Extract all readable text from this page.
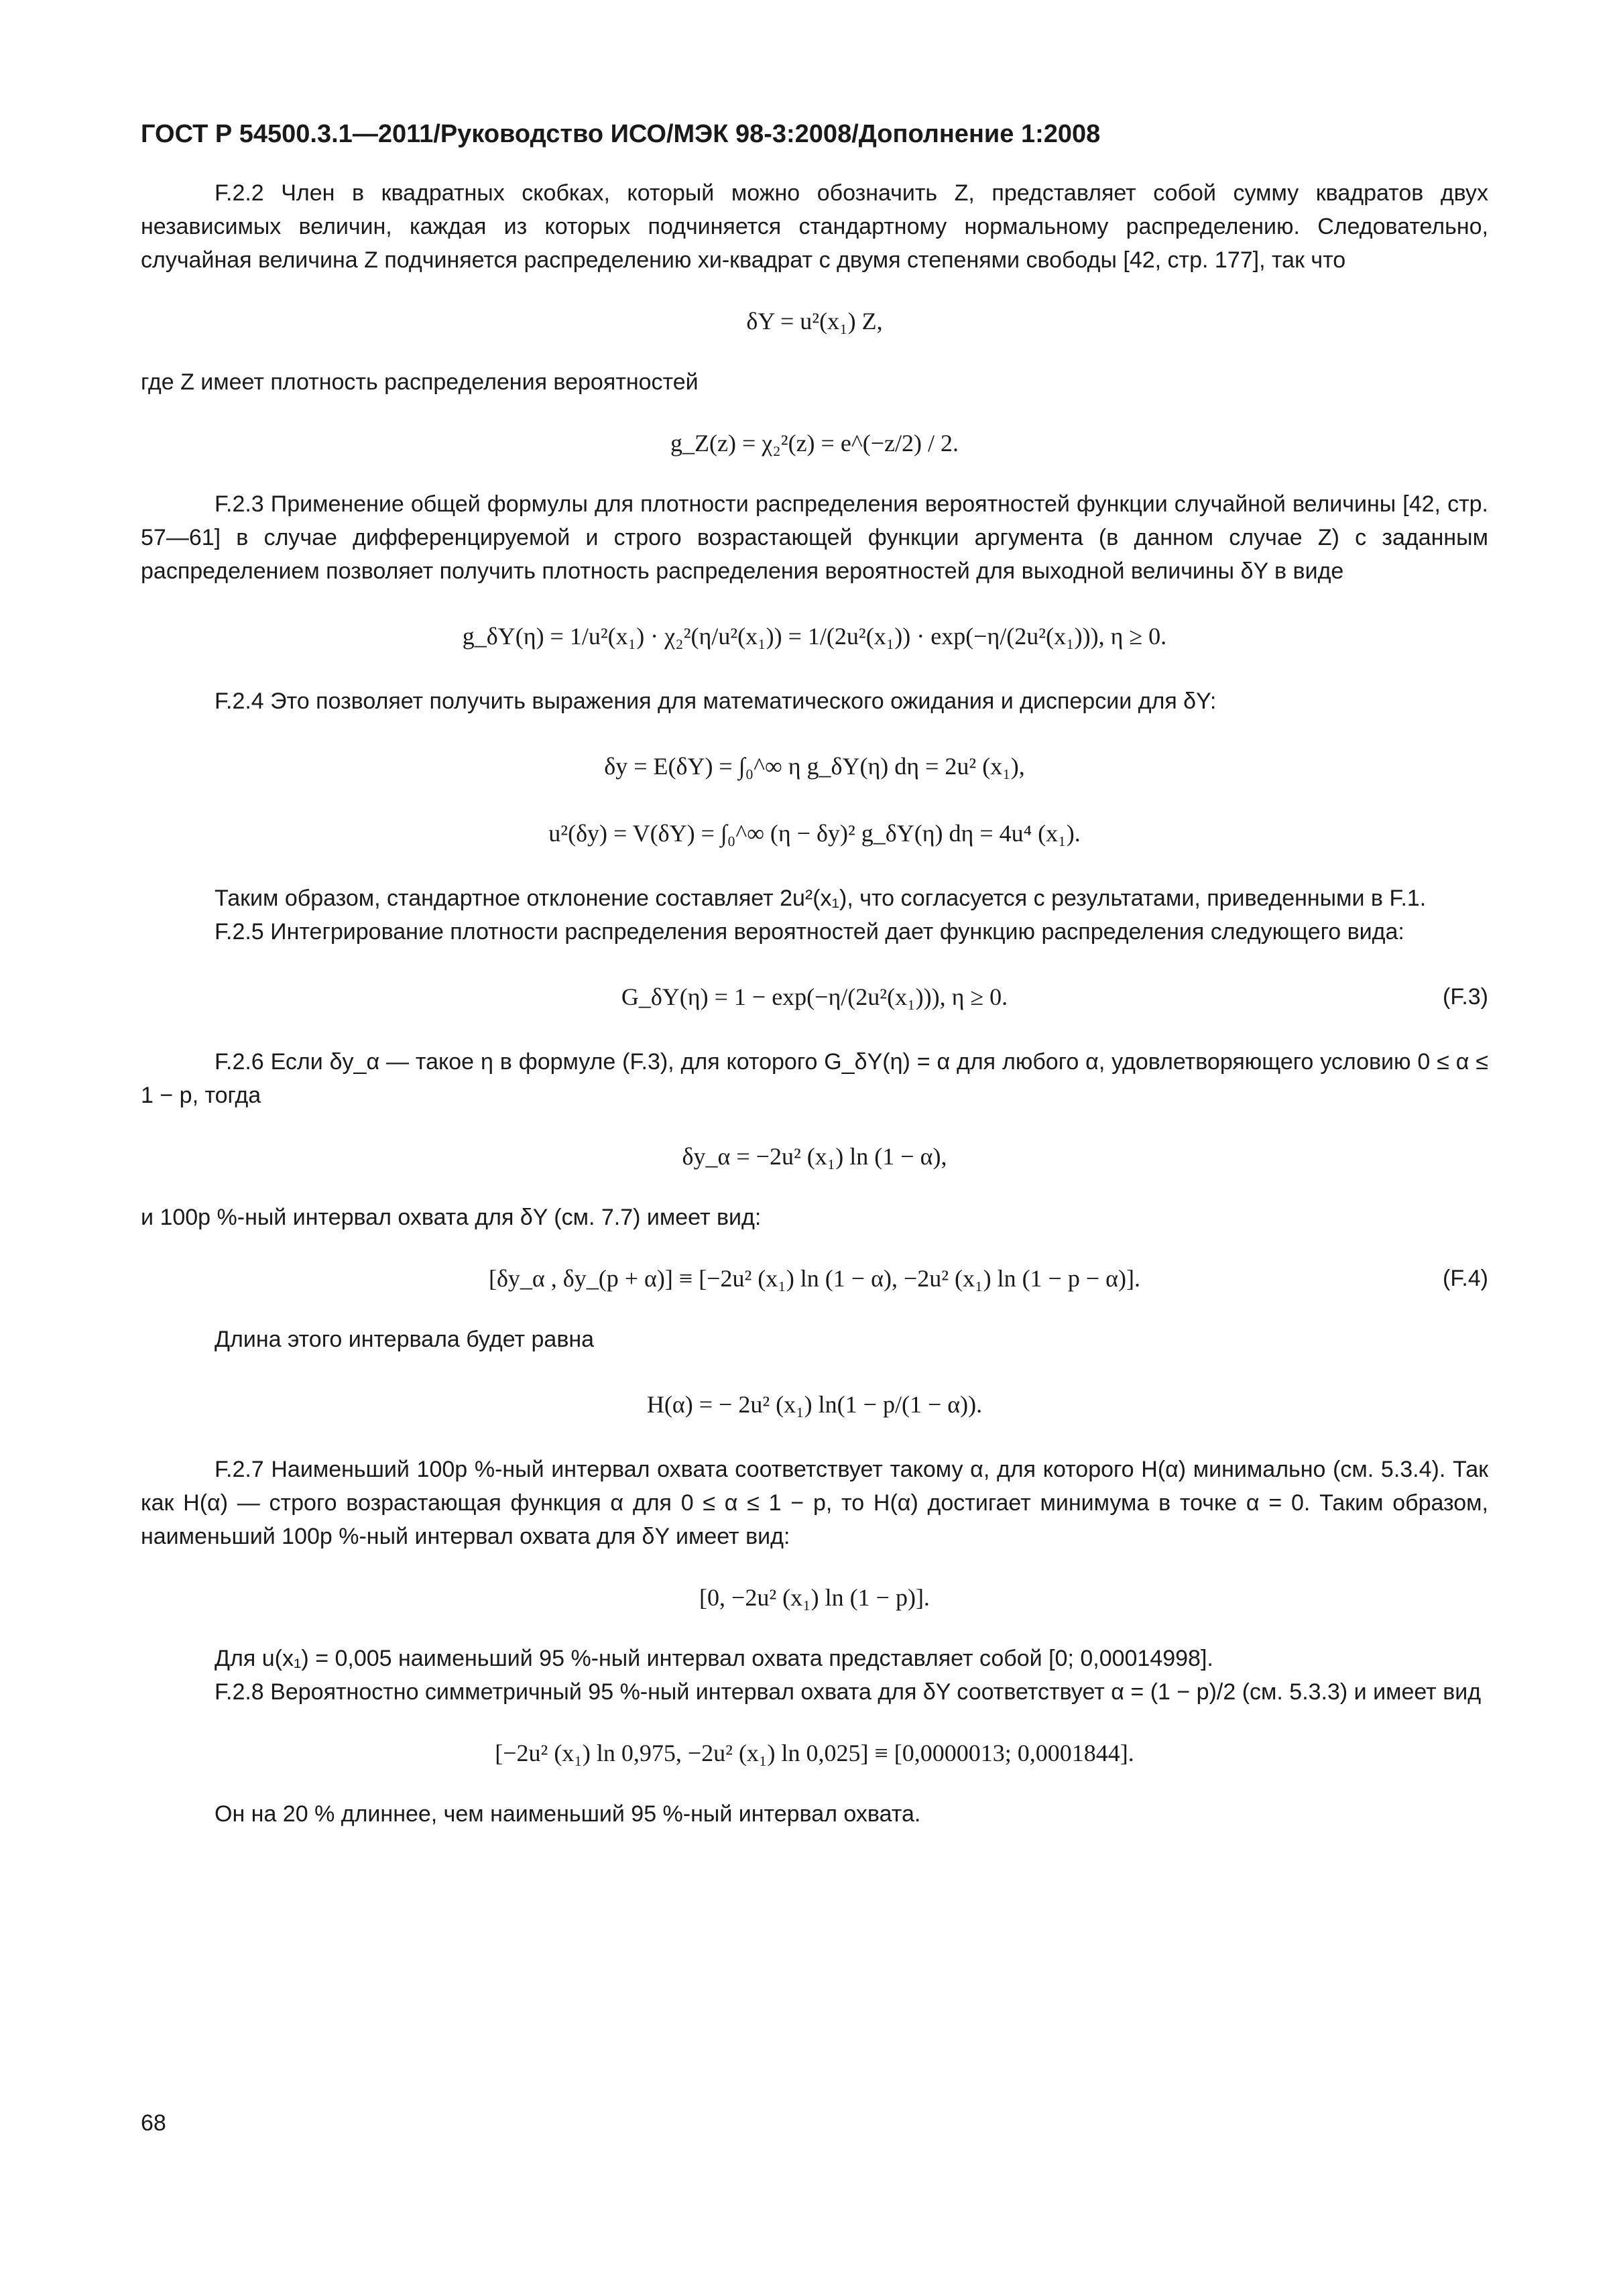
ГОСТ Р 54500.3.1—2011/Руководство ИСО/МЭК 98-3:2008/Дополнение 1:2008

F.2.2 Член в квадратных скобках, который можно обозначить Z, представляет собой сумму квадратов двух независимых величин, каждая из которых подчиняется стандартному нормальному распределению. Следовательно, случайная величина Z подчиняется распределению хи-квадрат с двумя степенями свободы [42, стр. 177], так что

δY = u²(x₁) Z,

где Z имеет плотность распределения вероятностей

g_Z(z) = χ₂²(z) = e^(−z/2) / 2.

F.2.3 Применение общей формулы для плотности распределения вероятностей функции случайной величины [42, стр. 57—61] в случае дифференцируемой и строго возрастающей функции аргумента (в данном случае Z) с заданным распределением позволяет получить плотность распределения вероятностей для выходной величины δY в виде

g_δY(η) = 1/u²(x₁) · χ₂²(η/u²(x₁)) = 1/(2u²(x₁)) · exp(−η/(2u²(x₁))), η ≥ 0.

F.2.4 Это позволяет получить выражения для математического ожидания и дисперсии для δY:

δy = E(δY) = ∫₀^∞ η g_δY(η) dη = 2u² (x₁),
u²(δy) = V(δY) = ∫₀^∞ (η − δy)² g_δY(η) dη = 4u⁴ (x₁).

Таким образом, стандартное отклонение составляет 2u²(x₁), что согласуется с результатами, приведенными в F.1.

F.2.5 Интегрирование плотности распределения вероятностей дает функцию распределения следующего вида:

G_δY(η) = 1 − exp(−η/(2u²(x₁))), η ≥ 0.	(F.3)

F.2.6 Если δy_α — такое η в формуле (F.3), для которого G_δY(η) = α для любого α, удовлетворяющего условию 0 ≤ α ≤ 1 − p, тогда

δy_α = −2u² (x₁) ln (1 − α),

и 100p %-ный интервал охвата для δY (см. 7.7) имеет вид:

[δy_α , δy_(p + α)] ≡ [−2u² (x₁) ln (1 − α), −2u² (x₁) ln (1 − p − α)].	(F.4)

Длина этого интервала будет равна

H(α) = − 2u² (x₁) ln(1 − p/(1 − α)).

F.2.7 Наименьший 100p %-ный интервал охвата соответствует такому α, для которого H(α) минимально (см. 5.3.4). Так как H(α) — строго возрастающая функция α для 0 ≤ α ≤ 1 − p, то H(α) достигает минимума в точке α = 0. Таким образом, наименьший 100p %-ный интервал охвата для δY имеет вид:

[0, −2u² (x₁) ln (1 − p)].

Для u(x₁) = 0,005 наименьший 95 %-ный интервал охвата представляет собой [0; 0,00014998].

F.2.8 Вероятностно симметричный 95 %-ный интервал охвата для δY соответствует α = (1 − p)/2 (см. 5.3.3) и имеет вид

[−2u² (x₁) ln 0,975, −2u² (x₁) ln 0,025] ≡ [0,0000013; 0,0001844].

Он на 20 % длиннее, чем наименьший 95 %-ный интервал охвата.

68
